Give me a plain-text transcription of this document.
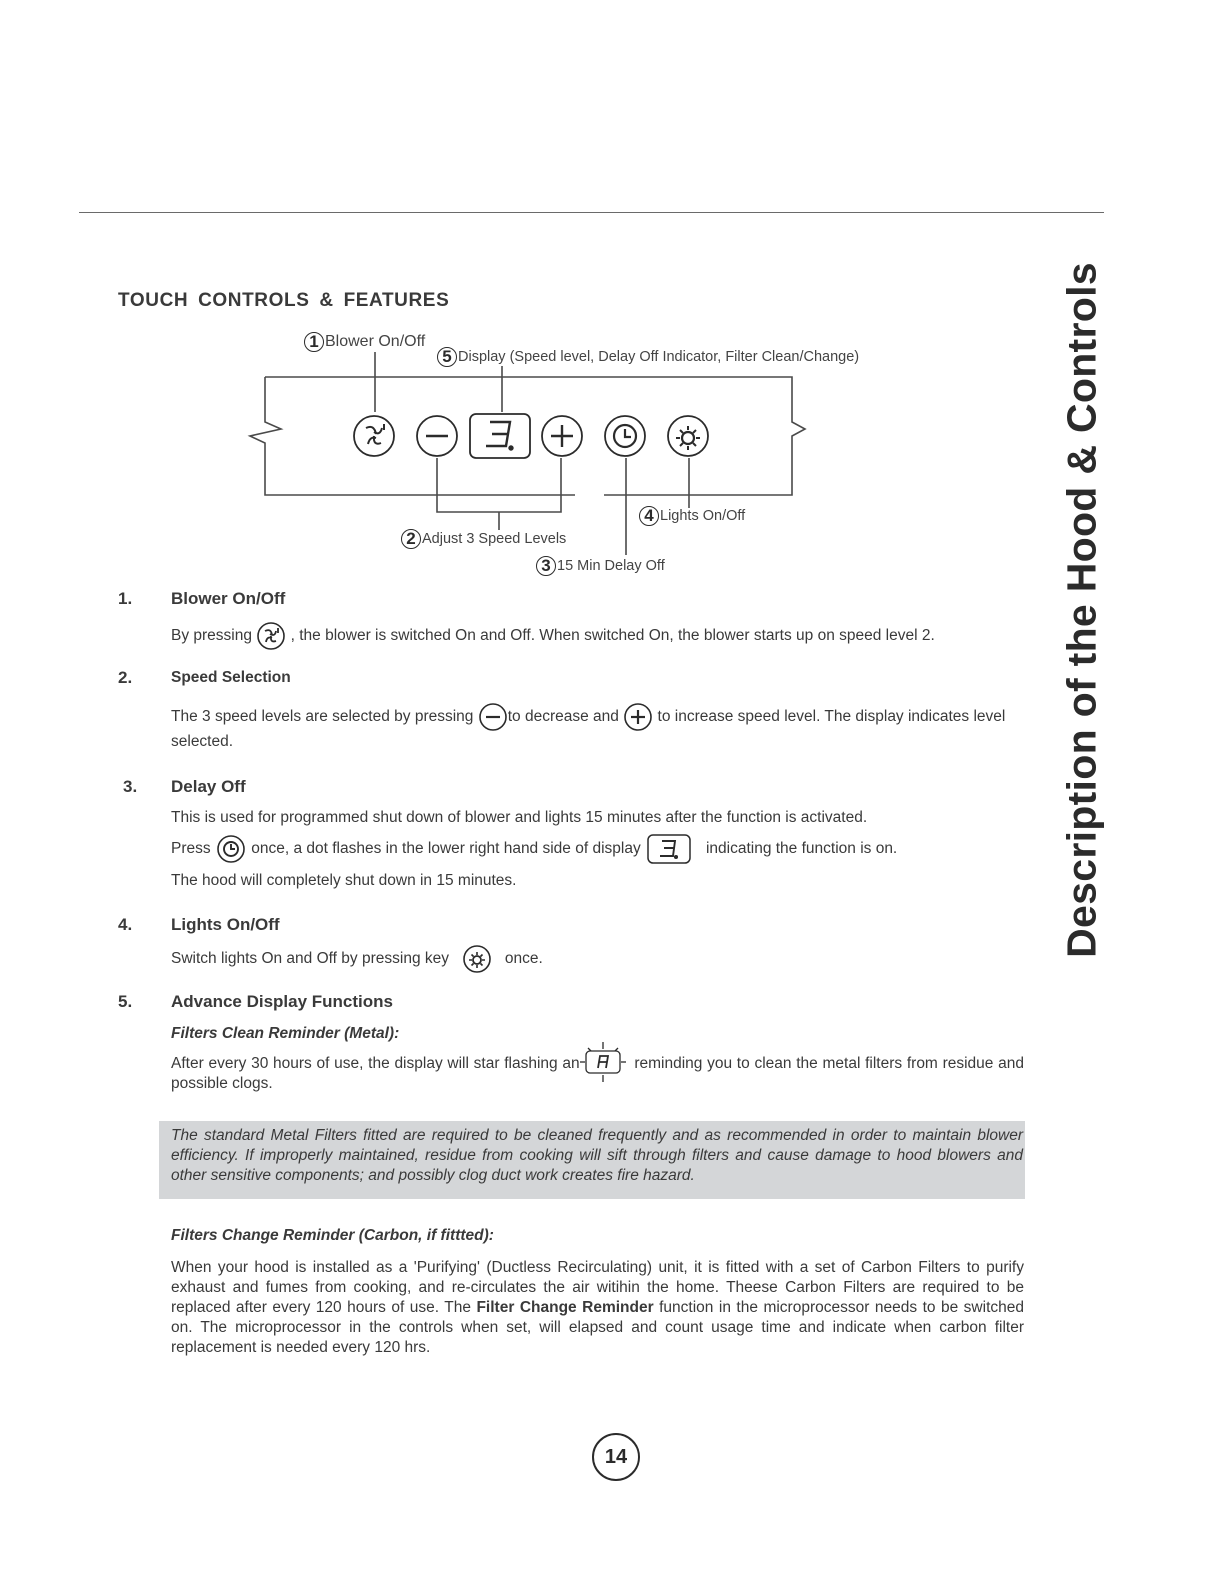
Description of the Hood & Controls
TOUCH CONTROLS & FEATURES
1 Blower On/Off
5 Display (Speed level, Delay Off Indicator, Filter Clean/Change)
4 Lights On/Off
2 Adjust 3 Speed Levels
3 15 Min Delay Off
1. Blower On/Off
By pressing , the blower is switched On and Off. When switched On, the blower starts up on speed level 2.
2.	Speed Selection
The 3 speed levels are selected by pressing to decrease and to increase speed level. The display indicates level selected.
3. Delay Off
This is used for programmed shut down of blower and lights 15 minutes after the function is activated.
Press	once, a dot flashes in the lower right hand side of display	indicating the function is on.
The hood will completely shut down in 15 minutes.
4. Lights On/Off
Switch lights On and Off by pressing key	once.
5. Advance Display Functions
Filters Clean Reminder (Metal):
After every 30 hours of use, the display will star flashing an	reminding you to clean the metal filters from residue and possible clogs.

The standard Metal Filters fitted are required to be cleaned frequently and as recommended in order to maintain blower efficiency. If improperly maintained, residue from cooking will sift through filters and cause damage to hood blowers and other sensitive components; and possibly clog duct work creates fire hazard.

Filters Change Reminder (Carbon, if fittted):
When your hood is installed as a 'Purifying' (Ductless Recirculating) unit, it is fitted with a set of Carbon Filters to purify exhaust and fumes from cooking, and re-circulates the air witihin the home. Theese Carbon Filters are required to be replaced after every 120 hours of use. The Filter Change Reminder function in the microprocessor needs to be switched on. The microprocessor in the controls when set, will elapsed and count usage time and indicate when carbon filter replacement is needed every 120 hrs.
14
